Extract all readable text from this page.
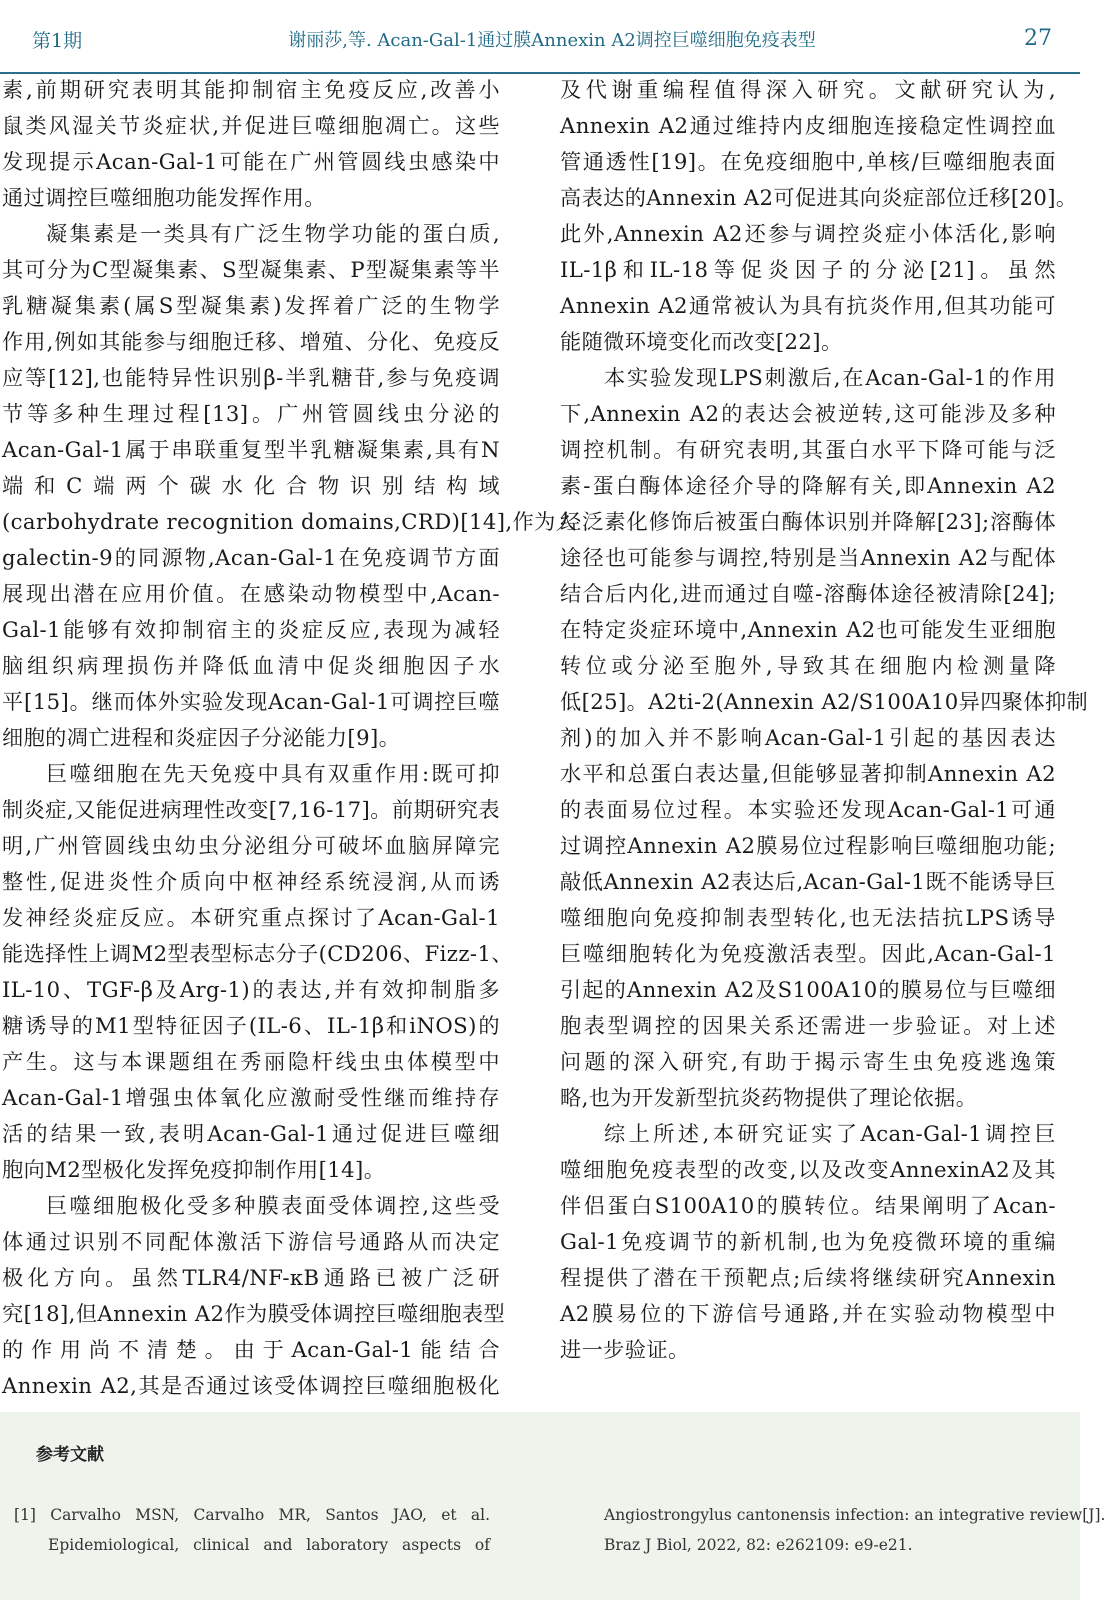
第1期	谢丽莎,等. Acan-Gal-1通过膜Annexin A2调控巨噬细胞免疫表型	27
素,前期研究表明其能抑制宿主免疫反应,改善小
鼠类风湿关节炎症状,并促进巨噬细胞凋亡。这些
发现提示Acan-Gal-1可能在广州管圆线虫感染中
通过调控巨噬细胞功能发挥作用。
凝集素是一类具有广泛生物学功能的蛋白质,
其可分为C型凝集素、S型凝集素、P型凝集素等半
乳糖凝集素(属S型凝集素)发挥着广泛的生物学
作用,例如其能参与细胞迁移、增殖、分化、免疫反
应等[12],也能特异性识别β-半乳糖苷,参与免疫调
节等多种生理过程[13]。广州管圆线虫分泌的
Acan-Gal-1属于串联重复型半乳糖凝集素,具有N
端和C端两个碳水化合物识别结构域
(carbohydrate recognition domains,CRD)[14],作为人
galectin-9的同源物,Acan-Gal-1在免疫调节方面
展现出潜在应用价值。在感染动物模型中,Acan-
Gal-1能够有效抑制宿主的炎症反应,表现为减轻
脑组织病理损伤并降低血清中促炎细胞因子水
平[15]。继而体外实验发现Acan-Gal-1可调控巨噬
细胞的凋亡进程和炎症因子分泌能力[9]。
巨噬细胞在先天免疫中具有双重作用:既可抑
制炎症,又能促进病理性改变[7,16-17]。前期研究表
明,广州管圆线虫幼虫分泌组分可破坏血脑屏障完
整性,促进炎性介质向中枢神经系统浸润,从而诱
发神经炎症反应。本研究重点探讨了Acan-Gal-1
能选择性上调M2型表型标志分子(CD206、Fizz-1、
IL-10、TGF-β及Arg-1)的表达,并有效抑制脂多
糖诱导的M1型特征因子(IL-6、IL-1β和iNOS)的
产生。这与本课题组在秀丽隐杆线虫虫体模型中
Acan-Gal-1增强虫体氧化应激耐受性继而维持存
活的结果一致,表明Acan-Gal-1通过促进巨噬细
胞向M2型极化发挥免疫抑制作用[14]。
巨噬细胞极化受多种膜表面受体调控,这些受
体通过识别不同配体激活下游信号通路从而决定
极化方向。虽然TLR4/NF-κB通路已被广泛研
究[18],但Annexin A2作为膜受体调控巨噬细胞表型
的作用尚不清楚。由于Acan-Gal-1能结合
Annexin A2,其是否通过该受体调控巨噬细胞极化
及代谢重编程值得深入研究。文献研究认为,
Annexin A2通过维持内皮细胞连接稳定性调控血
管通透性[19]。在免疫细胞中,单核/巨噬细胞表面
高表达的Annexin A2可促进其向炎症部位迁移[20]。
此外,Annexin A2还参与调控炎症小体活化,影响
IL-1β和IL-18等促炎因子的分泌[21]。虽然
Annexin A2通常被认为具有抗炎作用,但其功能可
能随微环境变化而改变[22]。
本实验发现LPS刺激后,在Acan-Gal-1的作用
下,Annexin A2的表达会被逆转,这可能涉及多种
调控机制。有研究表明,其蛋白水平下降可能与泛
素-蛋白酶体途径介导的降解有关,即Annexin A2
经泛素化修饰后被蛋白酶体识别并降解[23];溶酶体
途径也可能参与调控,特别是当Annexin A2与配体
结合后内化,进而通过自噬-溶酶体途径被清除[24];
在特定炎症环境中,Annexin A2也可能发生亚细胞
转位或分泌至胞外,导致其在细胞内检测量降
低[25]。A2ti-2(Annexin A2/S100A10异四聚体抑制
剂)的加入并不影响Acan-Gal-1引起的基因表达
水平和总蛋白表达量,但能够显著抑制Annexin A2
的表面易位过程。本实验还发现Acan-Gal-1可通
过调控Annexin A2膜易位过程影响巨噬细胞功能;
敲低Annexin A2表达后,Acan-Gal-1既不能诱导巨
噬细胞向免疫抑制表型转化,也无法拮抗LPS诱导
巨噬细胞转化为免疫激活表型。因此,Acan-Gal-1
引起的Annexin A2及S100A10的膜易位与巨噬细
胞表型调控的因果关系还需进一步验证。对上述
问题的深入研究,有助于揭示寄生虫免疫逃逸策
略,也为开发新型抗炎药物提供了理论依据。
综上所述,本研究证实了Acan-Gal-1调控巨
噬细胞免疫表型的改变,以及改变AnnexinA2及其
伴侣蛋白S100A10的膜转位。结果阐明了Acan-
Gal-1免疫调节的新机制,也为免疫微环境的重编
程提供了潜在干预靶点;后续将继续研究Annexin
A2膜易位的下游信号通路,并在实验动物模型中
进一步验证。
参考文献
[1] Carvalho MSN, Carvalho MR, Santos JAO, et al.
Epidemiological, clinical and laboratory aspects of
Angiostrongylus cantonensis infection: an integrative review[J].
Braz J Biol, 2022, 82: e262109: e9-e21.
